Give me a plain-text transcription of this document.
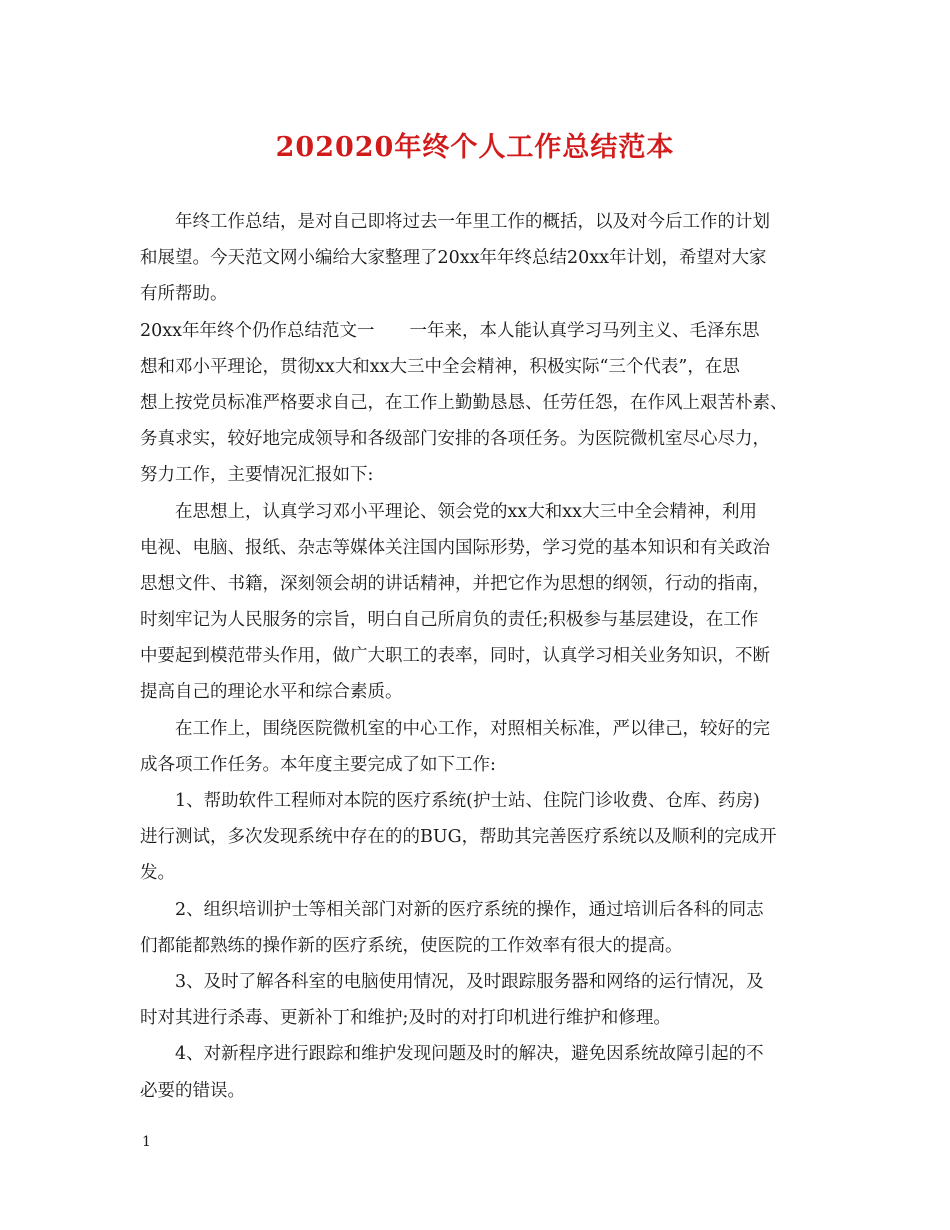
202020年终个人工作总结范本
年终工作总结，是对自己即将过去一年里工作的概括，以及对今后工作的计划
和展望。今天范文网小编给大家整理了20xx年年终总结20xx年计划，希望对大家
有所帮助。
20xx年年终个仍作总结范文一　　一年来，本人能认真学习马列主义、毛泽东思
想和邓小平理论，贯彻xx大和xx大三中全会精神，积极实际“三个代表”，在思
想上按党员标准严格要求自己，在工作上勤勤恳恳、任劳任怨，在作风上艰苦朴素、
务真求实，较好地完成领导和各级部门安排的各项任务。为医院微机室尽心尽力，
努力工作，主要情况汇报如下:
在思想上，认真学习邓小平理论、领会党的xx大和xx大三中全会精神，利用
电视、电脑、报纸、杂志等媒体关注国内国际形势，学习党的基本知识和有关政治
思想文件、书籍，深刻领会胡的讲话精神，并把它作为思想的纲领，行动的指南，
时刻牢记为人民服务的宗旨，明白自己所肩负的责任;积极参与基层建设，在工作
中要起到模范带头作用，做广大职工的表率，同时，认真学习相关业务知识，不断
提高自己的理论水平和综合素质。
在工作上，围绕医院微机室的中心工作，对照相关标准，严以律己，较好的完
成各项工作任务。本年度主要完成了如下工作:
1、帮助软件工程师对本院的医疗系统(护士站、住院门诊收费、仓库、药房)
进行测试，多次发现系统中存在的的BUG，帮助其完善医疗系统以及顺利的完成开
发。
2、组织培训护士等相关部门对新的医疗系统的操作，通过培训后各科的同志
们都能都熟练的操作新的医疗系统，使医院的工作效率有很大的提高。
3、及时了解各科室的电脑使用情况，及时跟踪服务器和网络的运行情况，及
时对其进行杀毒、更新补丁和维护;及时的对打印机进行维护和修理。
4、对新程序进行跟踪和维护发现问题及时的解决，避免因系统故障引起的不
必要的错误。
1
